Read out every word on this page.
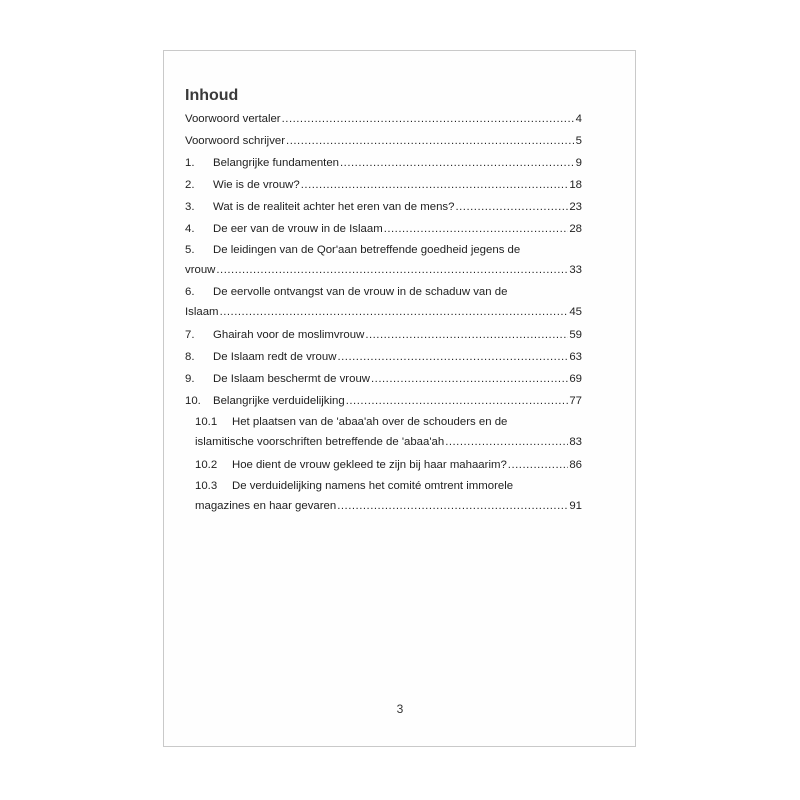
Inhoud
Voorwoord vertaler .....	4
Voorwoord schrijver .....	5
1.	Belangrijke fundamenten .....	9
2.	Wie is de vrouw? .....	18
3.	Wat is de realiteit achter het eren van de mens? .....	23
4.	De eer van de vrouw in de Islaam .....	28
5.	De leidingen van de Qor'aan betreffende goedheid jegens de
vrouw .....	33
6.	De eervolle ontvangst van de vrouw in de schaduw van de
Islaam .....	45
7.	Ghairah voor de moslimvrouw .....	59
8.	De Islaam redt de vrouw .....	63
9.	De Islaam beschermt de vrouw .....	69
10.	Belangrijke verduidelijking .....	77
10.1	Het plaatsen van de 'abaa'ah over de schouders en de
islamitische voorschriften betreffende de 'abaa'ah .....	83
10.2	Hoe dient de vrouw gekleed te zijn bij haar mahaarim? .....	86
10.3	De verduidelijking namens het comité omtrent immorele
magazines en haar gevaren .....	91
3
